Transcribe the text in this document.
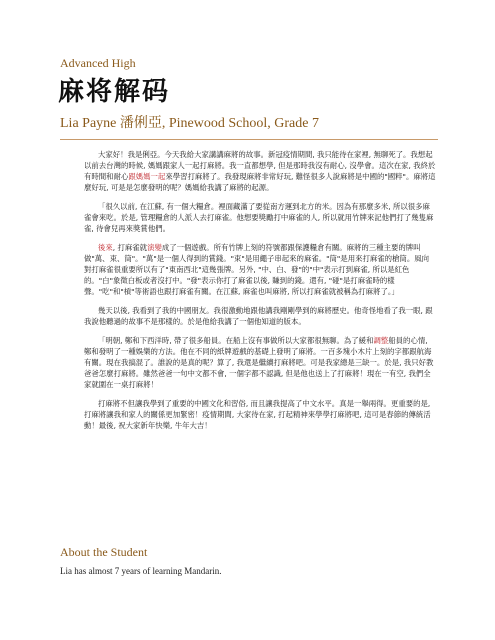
Advanced High
麻将解码
Lia Payne 潘俐亞, Pinewood School, Grade 7

大家好！我是俐亞。今天我給大家講講麻將的故事。新冠疫情期間, 我只能待在家裡, 無聊死了。我想起以前去台灣的時候, 媽媽跟家人一起打麻將。我一直都想學, 但是那時我沒有耐心, 沒學會。這次在家, 我終於有時間和耐心跟媽媽一起來學習打麻將了。我發現麻將非常好玩, 難怪很多人說麻將是中國的"國粹"。麻將這麼好玩, 可是是怎麼發明的呢？媽媽給我講了麻將的起源。

「很久以前, 在江蘇, 有一個大糧倉。裡面藏滿了要從南方運到北方的米。因為有那麼多米, 所以很多麻雀會來吃。於是, 管理糧倉的人派人去打麻雀。他想要獎勵打中麻雀的人, 所以就用竹牌來記他們打了幾隻麻雀, 待會兒再來獎賞他們。

後來, 打麻雀就演變成了一個遊戲。所有竹牌上刻的符號都跟保護糧倉有關。麻將的三種主要的牌叫做"萬、束、筒"。"萬"是一個人得到的賞錢。"束"是用繩子串起來的麻雀。"筒"是用來打麻雀的槍筒。風向對打麻雀很重要所以有了"東南西北"這幾張牌。另外, "中、白、發"的"中"表示打到麻雀, 所以是紅色的。"白"象徵白板或者沒打中。"發"表示你打了麻雀以後, 賺到的錢。還有, "碰"是打麻雀時的樣聲。"吃"和"槓"等術語也跟打麻雀有關。在江蘇, 麻雀也叫麻將, 所以打麻雀就被稱為打麻將了。」

幾天以後, 我看到了我的中國朋友。我很激動地跟他講我剛剛學到的麻將歷史。他奇怪地看了我一眼, 跟我說他聽過的故事不是那樣的。於是他給我講了一個他知道的版本。

「明朝, 鄭和下西洋時, 帶了很多船員。在船上沒有事做所以大家都很無聊。為了緩和調整船員的心情, 鄭和發明了一種娛樂的方法。他在不同的紙牌遊戲的基礎上發明了麻將。一百多塊小木片上刻的字都跟航海有關。現在我搞混了。誰說的是真的呢？算了, 我還是繼續打麻將吧。可是我家總是三缺一。於是, 我只好教爸爸怎麼打麻將。雖然爸爸一句中文都不會, 一個字都不認識, 但是他也送上了打麻將！現在一有空, 我們全家就圍在一桌打麻將！

打麻將不但讓我學到了重要的中國文化和習俗, 而且讓我提高了中文水平。真是一舉兩得。更重要的是, 打麻將讓我和家人的關係更加緊密！疫情期間, 大家待在家, 打起精神來學學打麻將吧, 這可是春節的傳統活動！最後, 祝大家新年快樂, 牛年大吉！

About the Student
Lia has almost 7 years of learning Mandarin.
